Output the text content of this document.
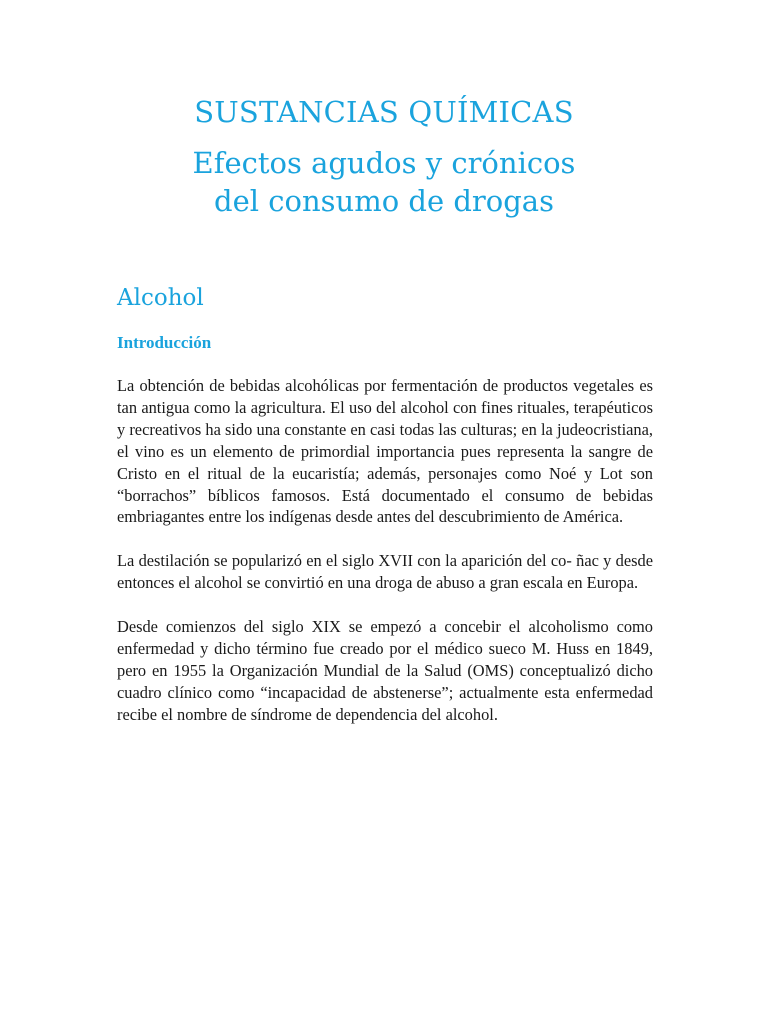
SUSTANCIAS QUÍMICAS
Efectos agudos y crónicos
del consumo de drogas
Alcohol
Introducción

La obtención de bebidas alcohólicas por fermentación de productos vegetales es tan antigua como la agricultura. El uso del alcohol con fines rituales, terapéuticos y recreativos ha sido una constante en casi todas las culturas; en la judeocristiana, el vino es un elemento de primordial importancia pues representa la sangre de Cristo en el ritual de la eucaristía; además, personajes como Noé y Lot son “borrachos” bíblicos famosos. Está documentado el consumo de bebidas embriagantes entre los indígenas desde antes del descubrimiento de América.

La destilación se popularizó en el siglo XVII con la aparición del co- ñac y desde entonces el alcohol se convirtió en una droga de abuso a gran escala en Europa.

Desde comienzos del siglo XIX se empezó a concebir el alcoholismo como enfermedad y dicho término fue creado por el médico sueco M. Huss en 1849, pero en 1955 la Organización Mundial de la Salud (OMS) conceptualizó dicho cuadro clínico como “incapacidad de abstenerse”; actualmente esta enfermedad recibe el nombre de síndrome de dependencia del alcohol.
